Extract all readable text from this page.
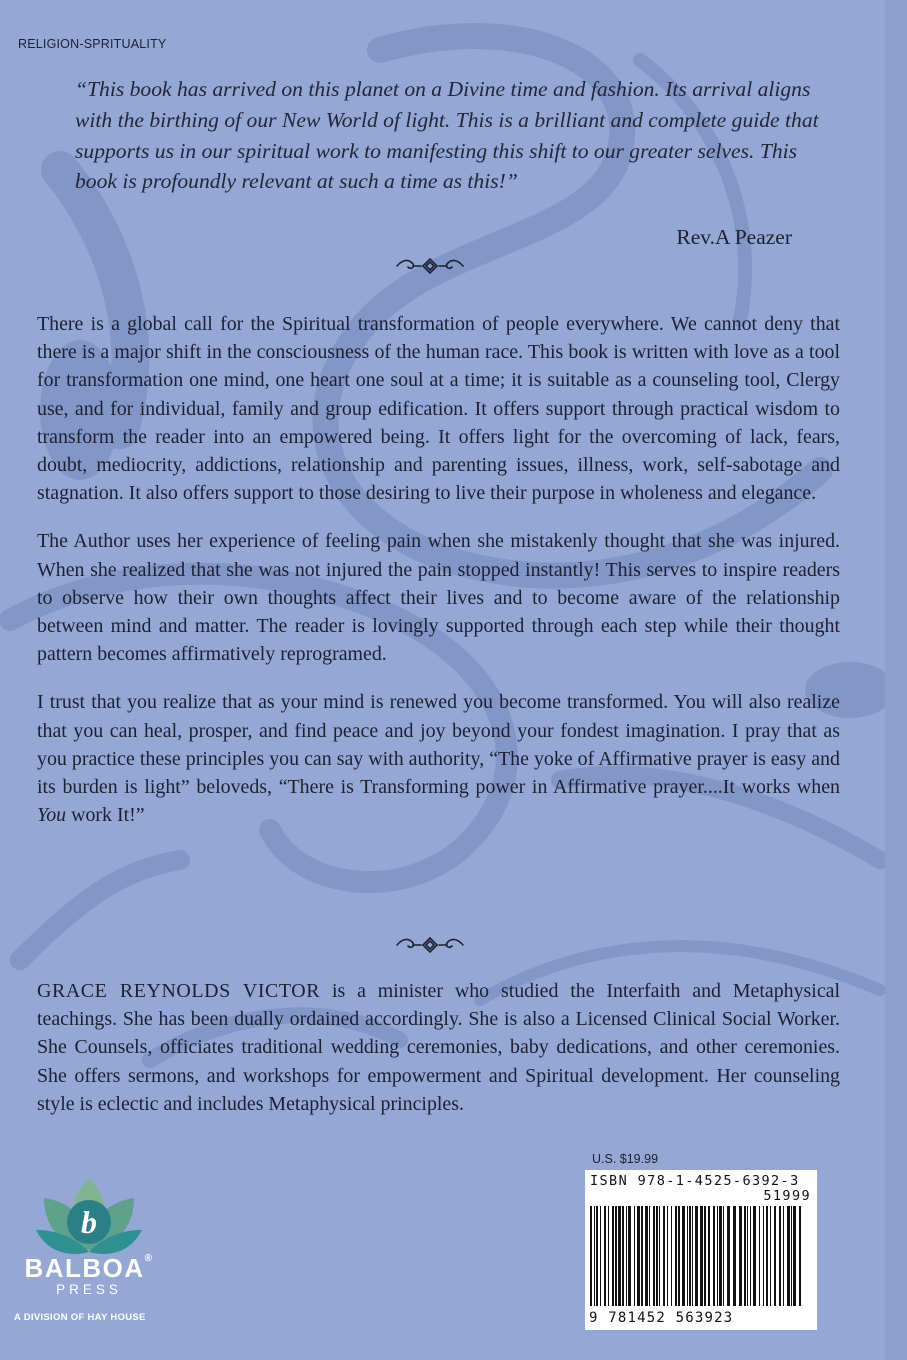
RELIGION-SPRITUALITY

“This book has arrived on this planet on a Divine time and fashion. Its arrival aligns with the birthing of our New World of light. This is a brilliant and complete guide that supports us in our spiritual work to manifesting this shift to our greater selves. This book is profoundly relevant at such a time as this!”

Rev.A Peazer

There is a global call for the Spiritual transformation of people everywhere. We cannot deny that there is a major shift in the consciousness of the human race. This book is written with love as a tool for transformation one mind, one heart one soul at a time; it is suitable as a counseling tool, Clergy use, and for individual, family and group edification. It offers support through practical wisdom to transform the reader into an empowered being. It offers light for the overcoming of lack, fears, doubt, mediocrity, addictions, relationship and parenting issues, illness, work, self-sabotage and stagnation. It also offers support to those desiring to live their purpose in wholeness and elegance.

The Author uses her experience of feeling pain when she mistakenly thought that she was injured. When she realized that she was not injured the pain stopped instantly! This serves to inspire readers to observe how their own thoughts affect their lives and to become aware of the relationship between mind and matter. The reader is lovingly supported through each step while their thought pattern becomes affirmatively reprogramed.

I trust that you realize that as your mind is renewed you become transformed. You will also realize that you can heal, prosper, and find peace and joy beyond your fondest imagination. I pray that as you practice these principles you can say with authority, “The yoke of Affirmative prayer is easy and its burden is light” beloveds, “There is Transforming power in Affirmative prayer....It works when You work It!”

GRACE REYNOLDS VICTOR is a minister who studied the Interfaith and Metaphysical teachings. She has been dually ordained accordingly. She is also a Licensed Clinical Social Worker. She Counsels, officiates traditional wedding ceremonies, baby dedications, and other ceremonies. She offers sermons, and workshops for empowerment and Spiritual development. Her counseling style is eclectic and includes Metaphysical principles.
b
BALBOA®
PRESS
A DIVISION OF HAY HOUSE
U.S. $19.99
ISBN 978-1-4525-6392-3
51999
9 781452 563923
